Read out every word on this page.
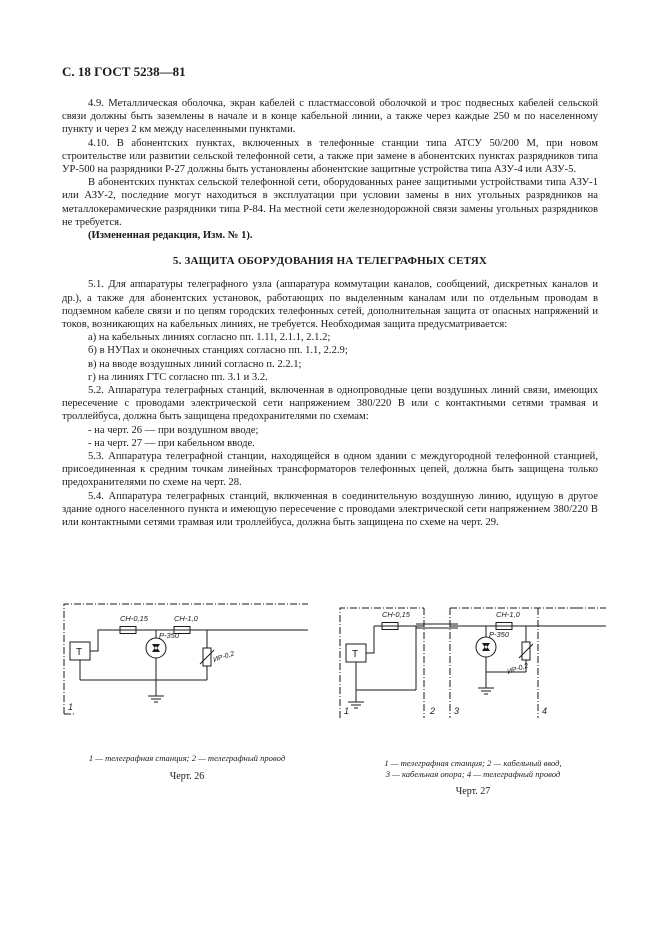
С. 18 ГОСТ 5238—81

4.9. Металлическая оболочка, экран кабелей с пластмассовой оболочкой и трос подвесных кабелей сельской связи должны быть заземлены в начале и в конце кабельной линии, а также через каждые 250 м по населенному пункту и через 2 км между населенными пунктами.

4.10. В абонентских пунктах, включенных в телефонные станции типа АТСУ 50/200 М, при новом строительстве или развитии сельской телефонной сети, а также при замене в абонентских пунктах разрядников типа УР-500 на разрядники Р-27 должны быть установлены абонентские защитные устройства типа АЗУ-4 или АЗУ-5.

В абонентских пунктах сельской телефонной сети, оборудованных ранее защитными устройствами типа АЗУ-1 или АЗУ-2, последние могут находиться в эксплуатации при условии замены в них угольных разрядников на металлокерамические разрядники типа Р-84. На местной сети железнодорожной связи замены угольных разрядников не требуется.

(Измененная редакция, Изм. № 1).

5. ЗАЩИТА ОБОРУДОВАНИЯ НА ТЕЛЕГРАФНЫХ СЕТЯХ

5.1. Для аппаратуры телеграфного узла (аппаратура коммутации каналов, сообщений, дискретных каналов и др.), а также для абонентских установок, работающих по выделенным каналам или по отдельным проводам в подземном кабеле связи и по цепям городских телефонных сетей, дополнительная защита от опасных напряжений и токов, возникающих на кабельных линиях, не требуется. Необходимая защита предусматривается:

а) на кабельных линиях согласно пп. 1.11, 2.1.1, 2.1.2;

б) в НУПах и оконечных станциях согласно пп. 1.1, 2.2.9;

в) на вводе воздушных линий согласно п. 2.2.1;

г) на линиях ГТС согласно пп. 3.1 и 3.2.

5.2. Аппаратура телеграфных станций, включенная в однопроводные цепи воздушных линий связи, имеющих пересечение с проводами электрической сети напряжением 380/220 В или с контактными сетями трамвая и троллейбуса, должна быть защищена предохранителями по схемам:

- на черт. 26 — при воздушном вводе;

- на черт. 27 — при кабельном вводе.

5.3. Аппаратура телеграфной станции, находящейся в одном здании с междугородной телефонной станцией, присоединенная к средним точкам линейных трансформаторов телефонных цепей, должна быть защищена только предохранителями по схеме на черт. 28.

5.4. Аппаратура телеграфных станций, включенная в соединительную воздушную линию, идущую в другое здание одного населенного пункта и имеющую пересечение с проводами электрической сети напряжением 380/220 В или контактными сетями трамвая или троллейбуса, должна быть защищена по схеме на черт. 29.

СН-0,15	СН-1,0
Р-350
ИР-0,2
Т
1
СН-0,15	СН-1,0
Р-350
ИР-0,2
Т
1	2 3	4
1 — телеграфная станция; 2 — телеграфный провод
Черт. 26
1 — телеграфная станция; 2 — кабельный ввод,
3 — кабельная опора; 4 — телеграфный провод
Черт. 27
